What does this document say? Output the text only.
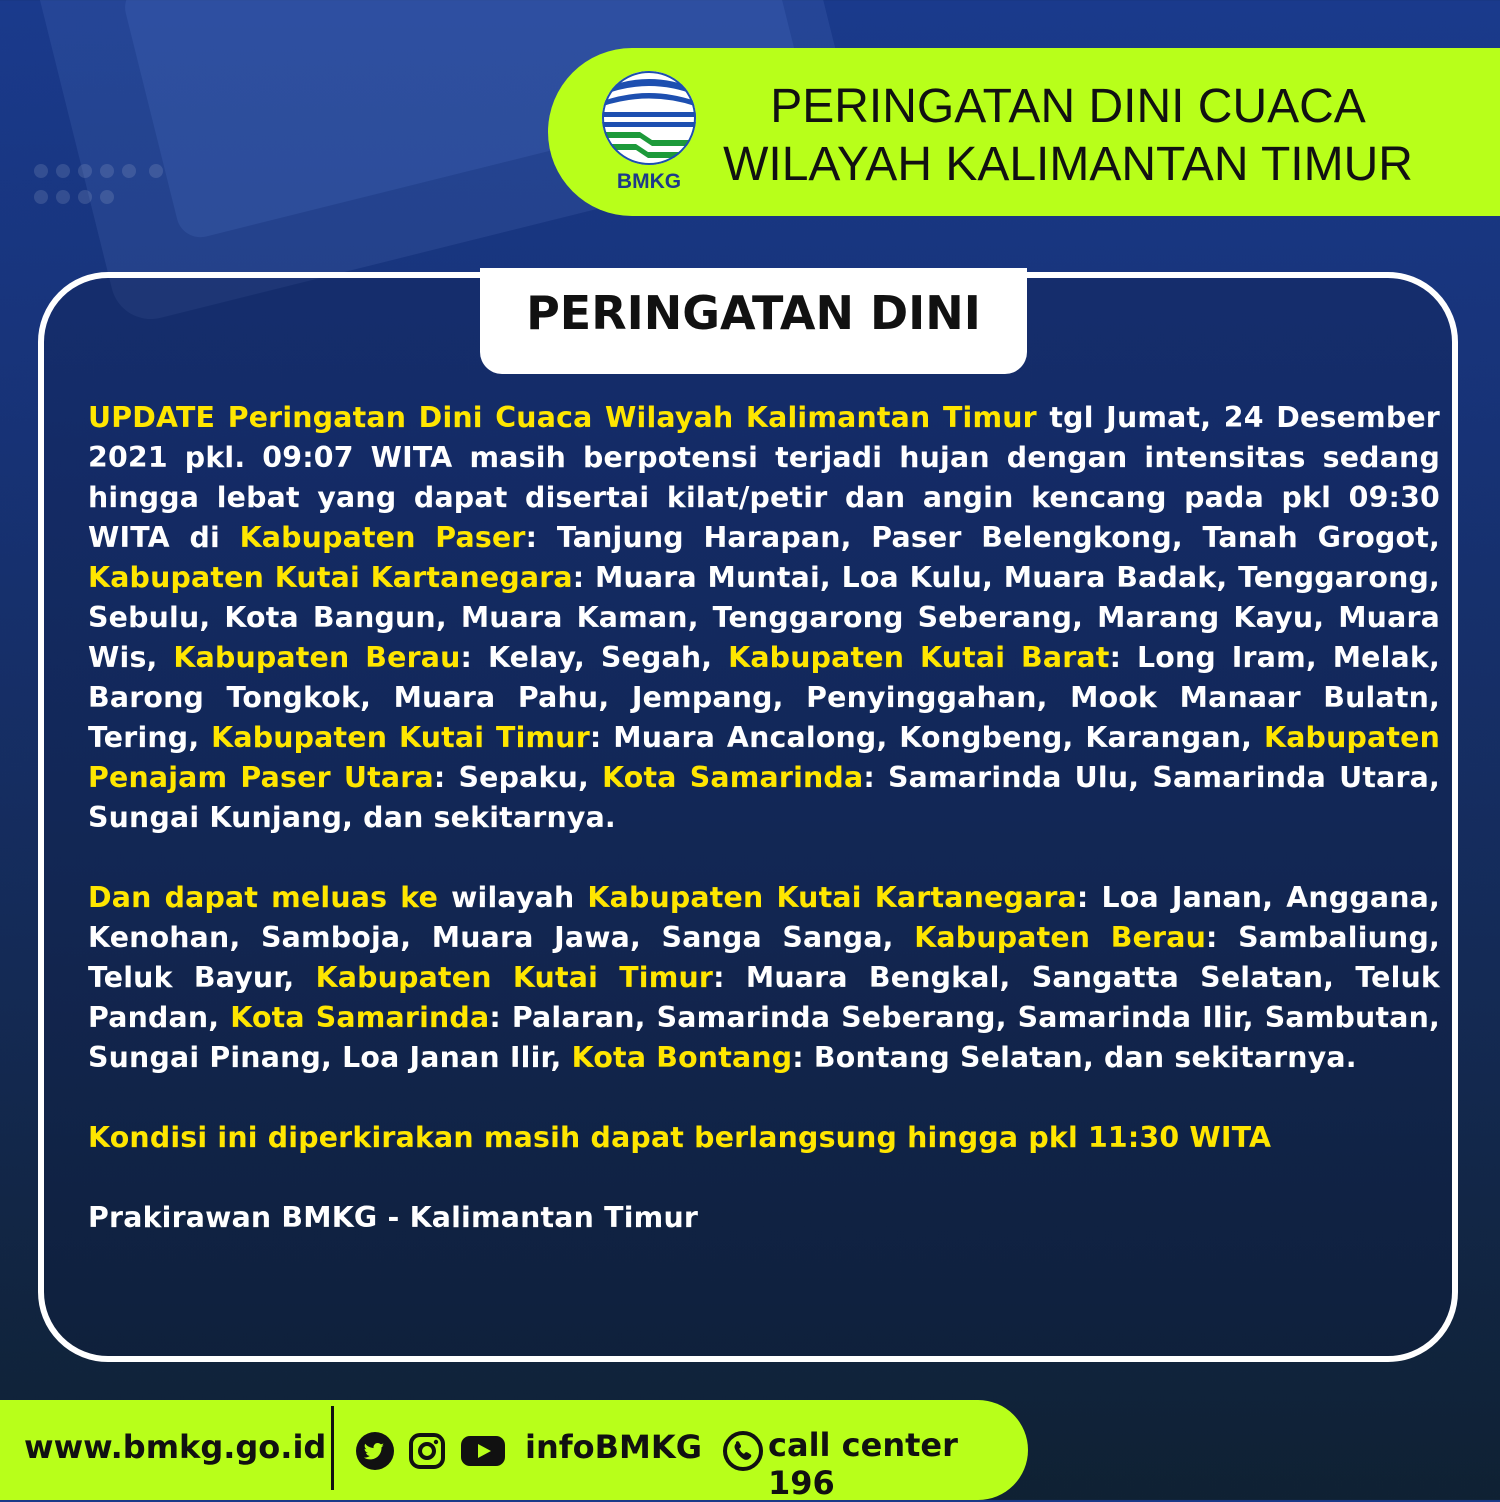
BMKG
PERINGATAN DINI CUACA
WILAYAH KALIMANTAN TIMUR
PERINGATAN DINI

UPDATE Peringatan Dini Cuaca Wilayah Kalimantan Timur tgl Jumat, 24 Desember 2021 pkl. 09:07 WITA masih berpotensi terjadi hujan dengan intensitas sedang hingga lebat yang dapat disertai kilat/petir dan angin kencang pada pkl 09:30 WITA di Kabupaten Paser: Tanjung Harapan, Paser Belengkong, Tanah Grogot, Kabupaten Kutai Kartanegara: Muara Muntai, Loa Kulu, Muara Badak, Tenggarong, Sebulu, Kota Bangun, Muara Kaman, Tenggarong Seberang, Marang Kayu, Muara Wis, Kabupaten Berau: Kelay, Segah, Kabupaten Kutai Barat: Long Iram, Melak, Barong Tongkok, Muara Pahu, Jempang, Penyinggahan, Mook Manaar Bulatn, Tering, Kabupaten Kutai Timur: Muara Ancalong, Kongbeng, Karangan, Kabupaten Penajam Paser Utara: Sepaku, Kota Samarinda: Samarinda Ulu, Samarinda Utara, Sungai Kunjang, dan sekitarnya.

Dan dapat meluas ke wilayah Kabupaten Kutai Kartanegara: Loa Janan, Anggana, Kenohan, Samboja, Muara Jawa, Sanga Sanga, Kabupaten Berau: Sambaliung, Teluk Bayur, Kabupaten Kutai Timur: Muara Bengkal, Sangatta Selatan, Teluk Pandan, Kota Samarinda: Palaran, Samarinda Seberang, Samarinda Ilir, Sambutan, Sungai Pinang, Loa Janan Ilir, Kota Bontang: Bontang Selatan, dan sekitarnya.

Kondisi ini diperkirakan masih dapat berlangsung hingga pkl 11:30 WITA

Prakirawan BMKG - Kalimantan Timur

www.bmkg.go.id	infoBMKG call center 196
